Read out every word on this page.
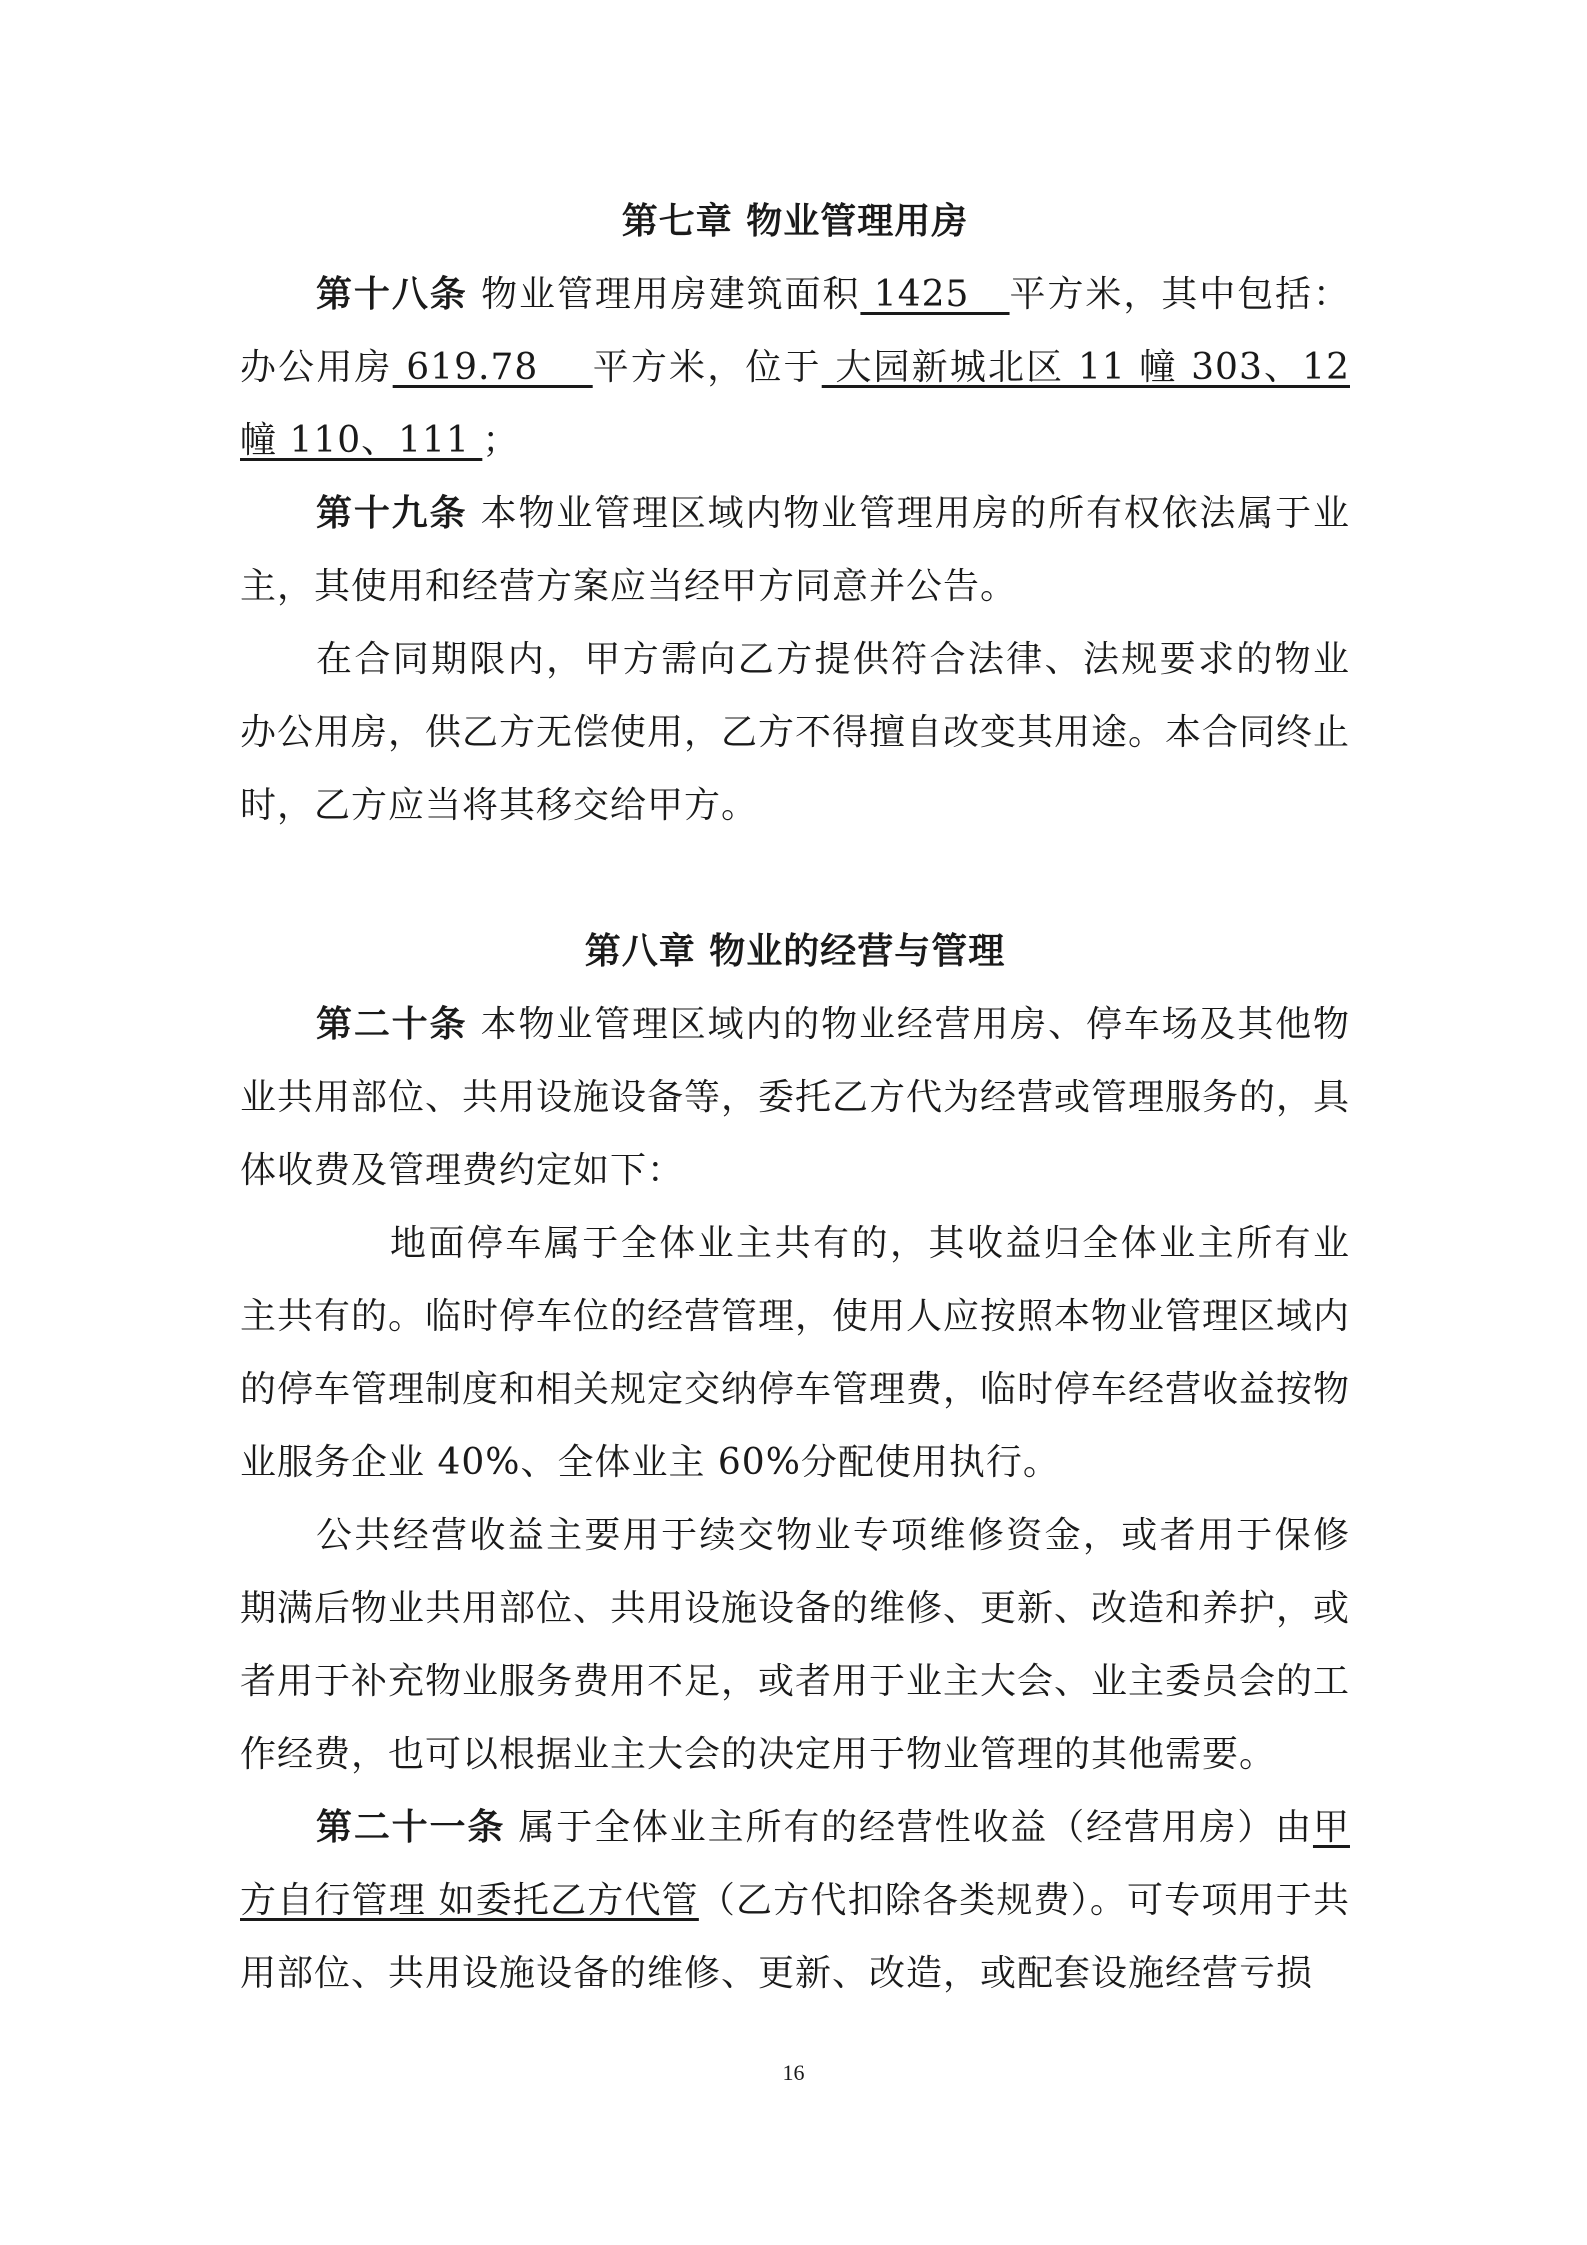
第七章 物业管理用房

第十八条 物业管理用房建筑面积 1425   平方米，其中包括：办公用房 619.78    平方米，位于 大园新城北区 11 幢 303、12 幢 110、111 ；

第十九条 本物业管理区域内物业管理用房的所有权依法属于业主，其使用和经营方案应当经甲方同意并公告。

在合同期限内，甲方需向乙方提供符合法律、法规要求的物业办公用房，供乙方无偿使用，乙方不得擅自改变其用途。本合同终止时，乙方应当将其移交给甲方。

第八章 物业的经营与管理

第二十条 本物业管理区域内的物业经营用房、停车场及其他物业共用部位、共用设施设备等，委托乙方代为经营或管理服务的，具体收费及管理费约定如下：

地面停车属于全体业主共有的，其收益归全体业主所有业主共有的。临时停车位的经营管理，使用人应按照本物业管理区域内的停车管理制度和相关规定交纳停车管理费，临时停车经营收益按物业服务企业 40%、全体业主 60%分配使用执行。

公共经营收益主要用于续交物业专项维修资金，或者用于保修期满后物业共用部位、共用设施设备的维修、更新、改造和养护，或者用于补充物业服务费用不足，或者用于业主大会、业主委员会的工作经费，也可以根据业主大会的决定用于物业管理的其他需要。

第二十一条 属于全体业主所有的经营性收益（经营用房）由甲方自行管理 如委托乙方代管（乙方代扣除各类规费）。可专项用于共用部位、共用设施设备的维修、更新、改造，或配套设施经营亏损

16
